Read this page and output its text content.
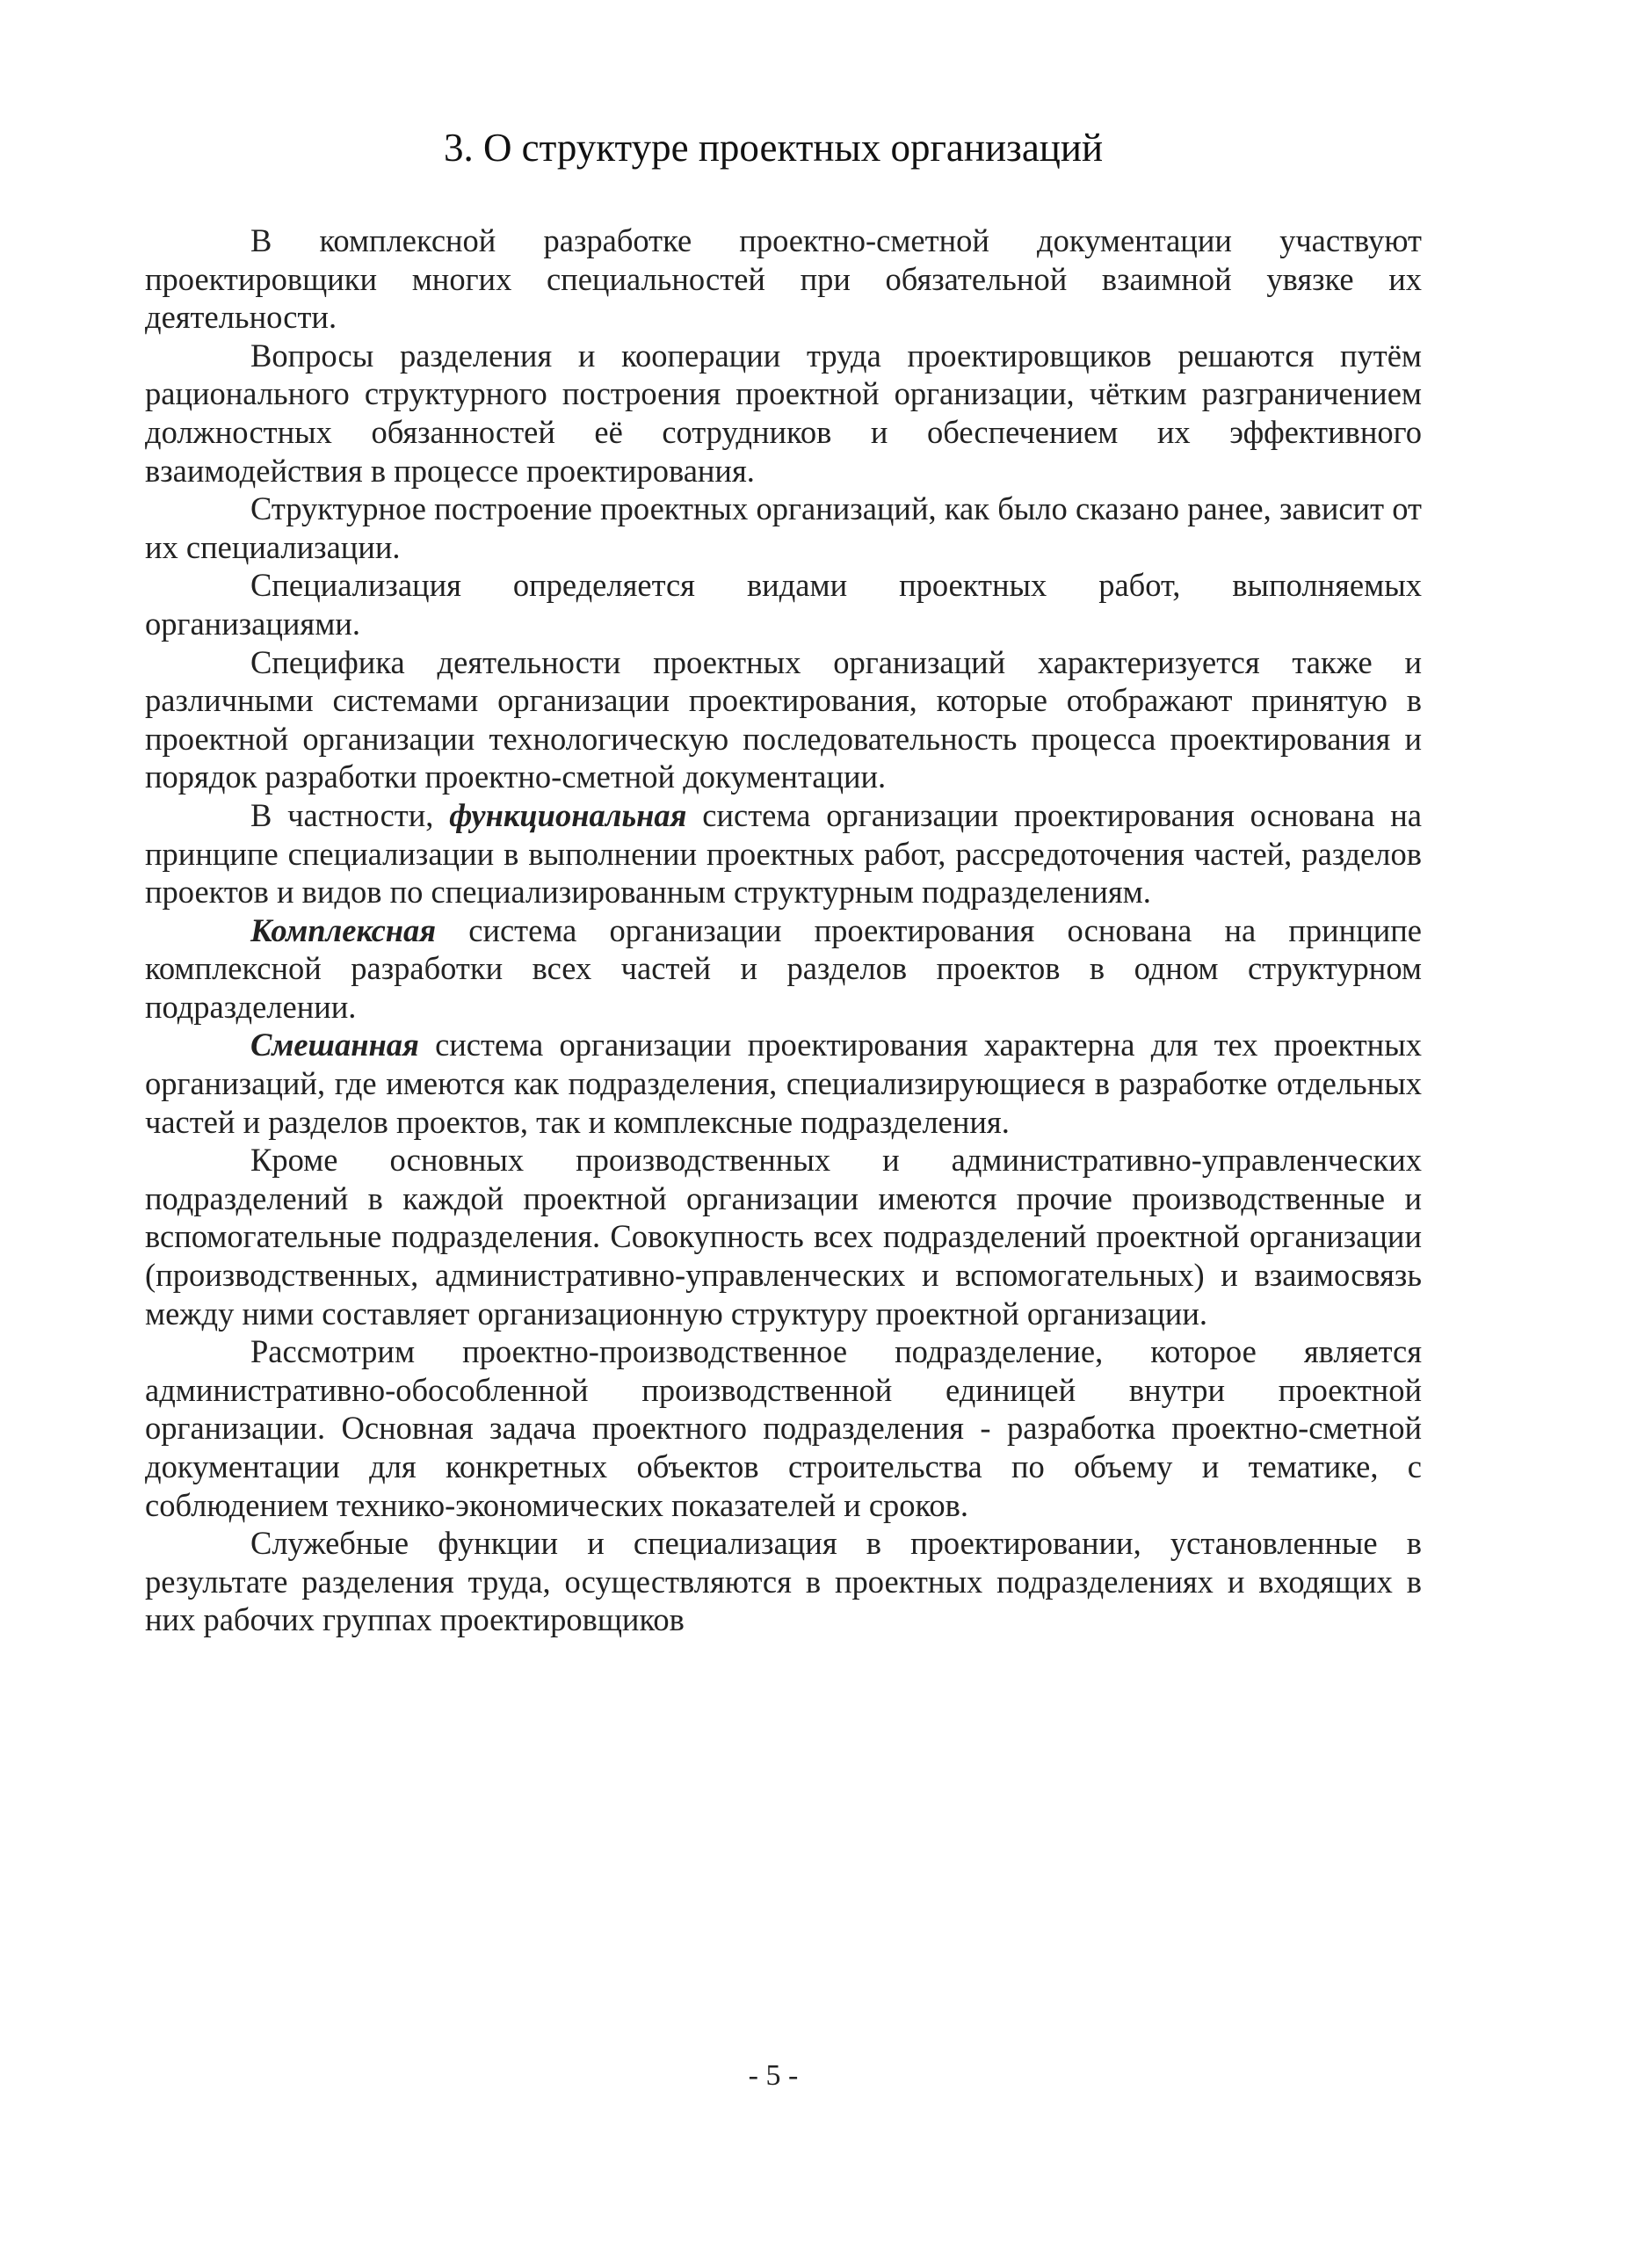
3. О структуре проектных организаций

В комплексной разработке проектно-сметной документации участвуют проектировщики многих специальностей при обязательной взаимной увязке их деятельности.

Вопросы разделения и кооперации труда проектировщиков решаются путём рационального структурного построения проектной организации, чётким разграничением должностных обязанностей её сотрудников и обеспечением их эффективного взаимодействия в процессе проектирования.

Структурное построение проектных организаций, как было сказано ранее, зависит от их специализации.

Специализация определяется видами проектных работ, выполняемых организациями.

Специфика деятельности проектных организаций характеризуется также и различными системами организации проектирования, которые отображают принятую в проектной организации технологическую последовательность процесса проектирования и порядок разработки проектно-сметной документации.

В частности, функциональная система организации проектирования основана на принципе специализации в выполнении проектных работ, рассредоточения частей, разделов проектов и видов по специализированным структурным подразделениям.

Комплексная система организации проектирования основана на принципе комплексной разработки всех частей и разделов проектов в одном структурном подразделении.

Смешанная система организации проектирования характерна для тех проектных организаций, где имеются как подразделения, специализирующиеся в разработке отдельных частей и разделов проектов, так и комплексные подразделения.

Кроме основных производственных и административно-управленческих подразделений в каждой проектной организации имеются прочие производственные и вспомогательные подразделения. Совокупность всех подразделений проектной организации (производственных, административно-управленческих и вспомогательных) и взаимосвязь между ними составляет организационную структуру проектной организации.

Рассмотрим проектно-производственное подразделение, которое является административно-обособленной производственной единицей внутри проектной организации. Основная задача проектного подразделения - разработка проектно-сметной документации для конкретных объектов строительства по объему и тематике, с соблюдением технико-экономических показателей и сроков.

Служебные функции и специализация в проектировании, установленные в результате разделения труда, осуществляются в проектных подразделениях и входящих в них рабочих группах проектировщиков

- 5 -
